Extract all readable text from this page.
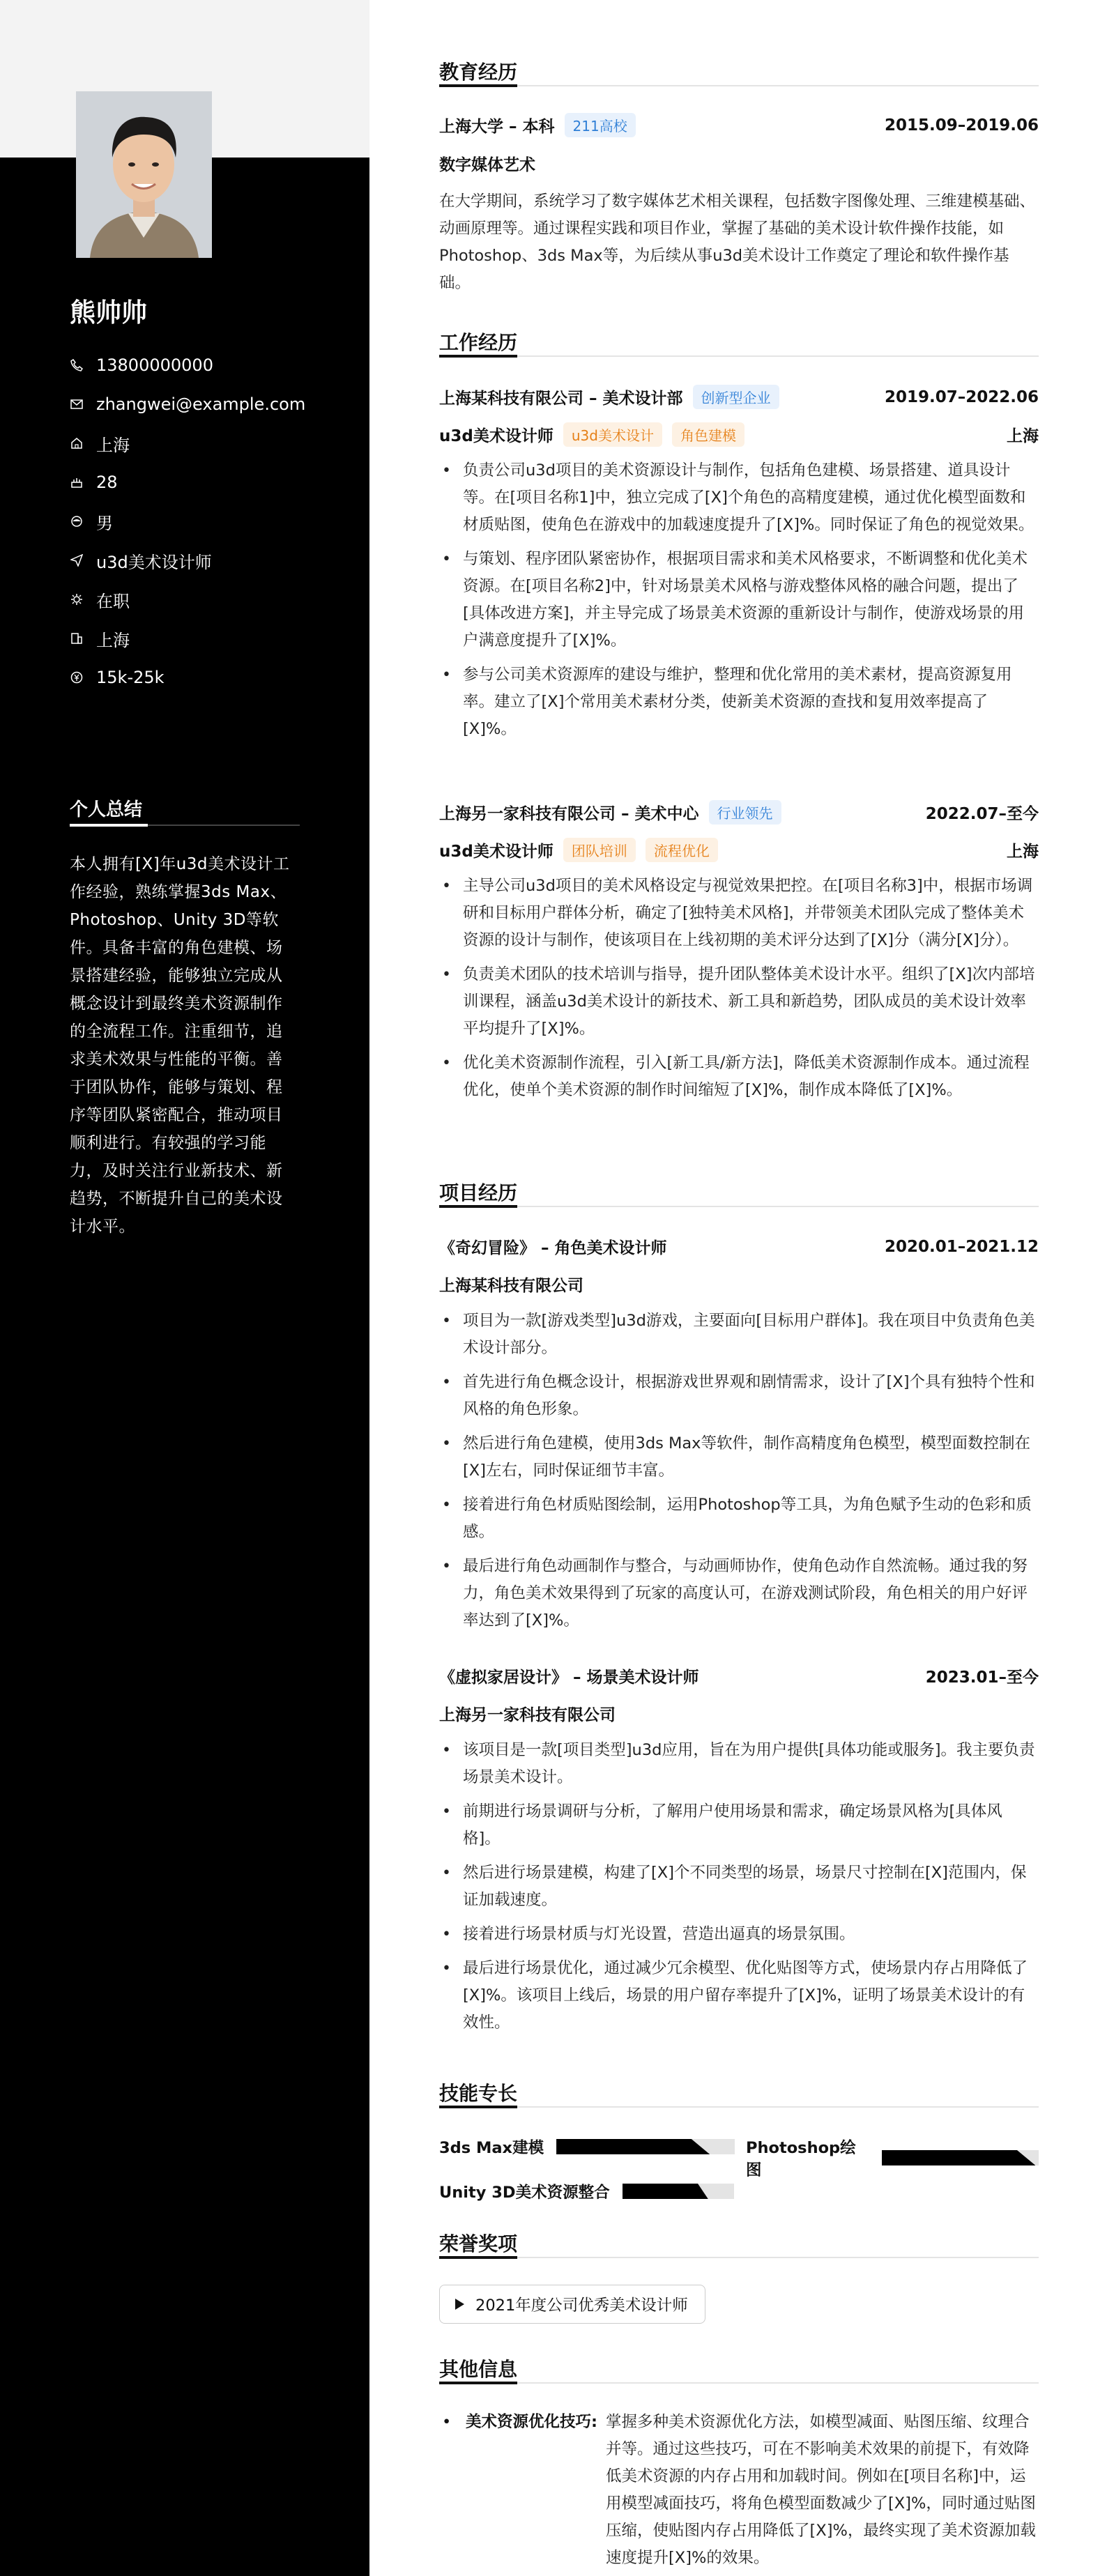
熊帅帅
13800000000
zhangwei@example.com
上海
28
男
u3d美术设计师
在职
上海
15k-25k
个人总结
本人拥有[X]年u3d美术设计工作经验，熟练掌握3ds Max、Photoshop、Unity 3D等软件。具备丰富的角色建模、场景搭建经验，能够独立完成从概念设计到最终美术资源制作的全流程工作。注重细节，追求美术效果与性能的平衡。善于团队协作，能够与策划、程序等团队紧密配合，推动项目顺利进行。有较强的学习能力，及时关注行业新技术、新趋势，不断提升自己的美术设计水平。
教育经历
上海大学 – 本科	211高校	2015.09–2019.06
数字媒体艺术
在大学期间，系统学习了数字媒体艺术相关课程，包括数字图像处理、三维建模基础、动画原理等。通过课程实践和项目作业，掌握了基础的美术设计软件操作技能，如Photoshop、3ds Max等，为后续从事u3d美术设计工作奠定了理论和软件操作基础。
工作经历
上海某科技有限公司 – 美术设计部	创新型企业	2019.07–2022.06
u3d美术设计师	u3d美术设计	角色建模	上海
• 负责公司u3d项目的美术资源设计与制作，包括角色建模、场景搭建、道具设计等。在[项目名称1]中，独立完成了[X]个角色的高精度建模，通过优化模型面数和材质贴图，使角色在游戏中的加载速度提升了[X]%。同时保证了角色的视觉效果。
• 与策划、程序团队紧密协作，根据项目需求和美术风格要求，不断调整和优化美术资源。在[项目名称2]中，针对场景美术风格与游戏整体风格的融合问题，提出了[具体改进方案]，并主导完成了场景美术资源的重新设计与制作，使游戏场景的用户满意度提升了[X]%。
• 参与公司美术资源库的建设与维护，整理和优化常用的美术素材，提高资源复用率。建立了[X]个常用美术素材分类，使新美术资源的查找和复用效率提高了[X]%。
上海另一家科技有限公司 – 美术中心	行业领先	2022.07–至今
u3d美术设计师	团队培训	流程优化	上海
• 主导公司u3d项目的美术风格设定与视觉效果把控。在[项目名称3]中，根据市场调研和目标用户群体分析，确定了[独特美术风格]，并带领美术团队完成了整体美术资源的设计与制作，使该项目在上线初期的美术评分达到了[X]分（满分[X]分）。
• 负责美术团队的技术培训与指导，提升团队整体美术设计水平。组织了[X]次内部培训课程，涵盖u3d美术设计的新技术、新工具和新趋势，团队成员的美术设计效率平均提升了[X]%。
• 优化美术资源制作流程，引入[新工具/新方法]，降低美术资源制作成本。通过流程优化，使单个美术资源的制作时间缩短了[X]%，制作成本降低了[X]%。
项目经历
《奇幻冒险》 – 角色美术设计师	2020.01–2021.12
上海某科技有限公司
• 项目为一款[游戏类型]u3d游戏，主要面向[目标用户群体]。我在项目中负责角色美术设计部分。
• 首先进行角色概念设计，根据游戏世界观和剧情需求，设计了[X]个具有独特个性和风格的角色形象。
• 然后进行角色建模，使用3ds Max等软件，制作高精度角色模型，模型面数控制在[X]左右，同时保证细节丰富。
• 接着进行角色材质贴图绘制，运用Photoshop等工具，为角色赋予生动的色彩和质感。
• 最后进行角色动画制作与整合，与动画师协作，使角色动作自然流畅。通过我的努力，角色美术效果得到了玩家的高度认可，在游戏测试阶段，角色相关的用户好评率达到了[X]%。
《虚拟家居设计》 – 场景美术设计师	2023.01–至今
上海另一家科技有限公司
• 该项目是一款[项目类型]u3d应用，旨在为用户提供[具体功能或服务]。我主要负责场景美术设计。
• 前期进行场景调研与分析，了解用户使用场景和需求，确定场景风格为[具体风格]。
• 然后进行场景建模，构建了[X]个不同类型的场景，场景尺寸控制在[X]范围内，保证加载速度。
• 接着进行场景材质与灯光设置，营造出逼真的场景氛围。
• 最后进行场景优化，通过减少冗余模型、优化贴图等方式，使场景内存占用降低了[X]%。该项目上线后，场景的用户留存率提升了[X]%，证明了场景美术设计的有效性。
技能专长
3ds Max建模	Photoshop绘图
Unity 3D美术资源整合
荣誉奖项
2021年度公司优秀美术设计师
其他信息
• 美术资源优化技巧: 掌握多种美术资源优化方法，如模型减面、贴图压缩、纹理合并等。通过这些技巧，可在不影响美术效果的前提下，有效降低美术资源的内存占用和加载时间。例如在[项目名称]中，运用模型减面技巧，将角色模型面数减少了[X]%，同时通过贴图压缩，使贴图内存占用降低了[X]%，最终实现了美术资源加载速度提升[X]%的效果。
